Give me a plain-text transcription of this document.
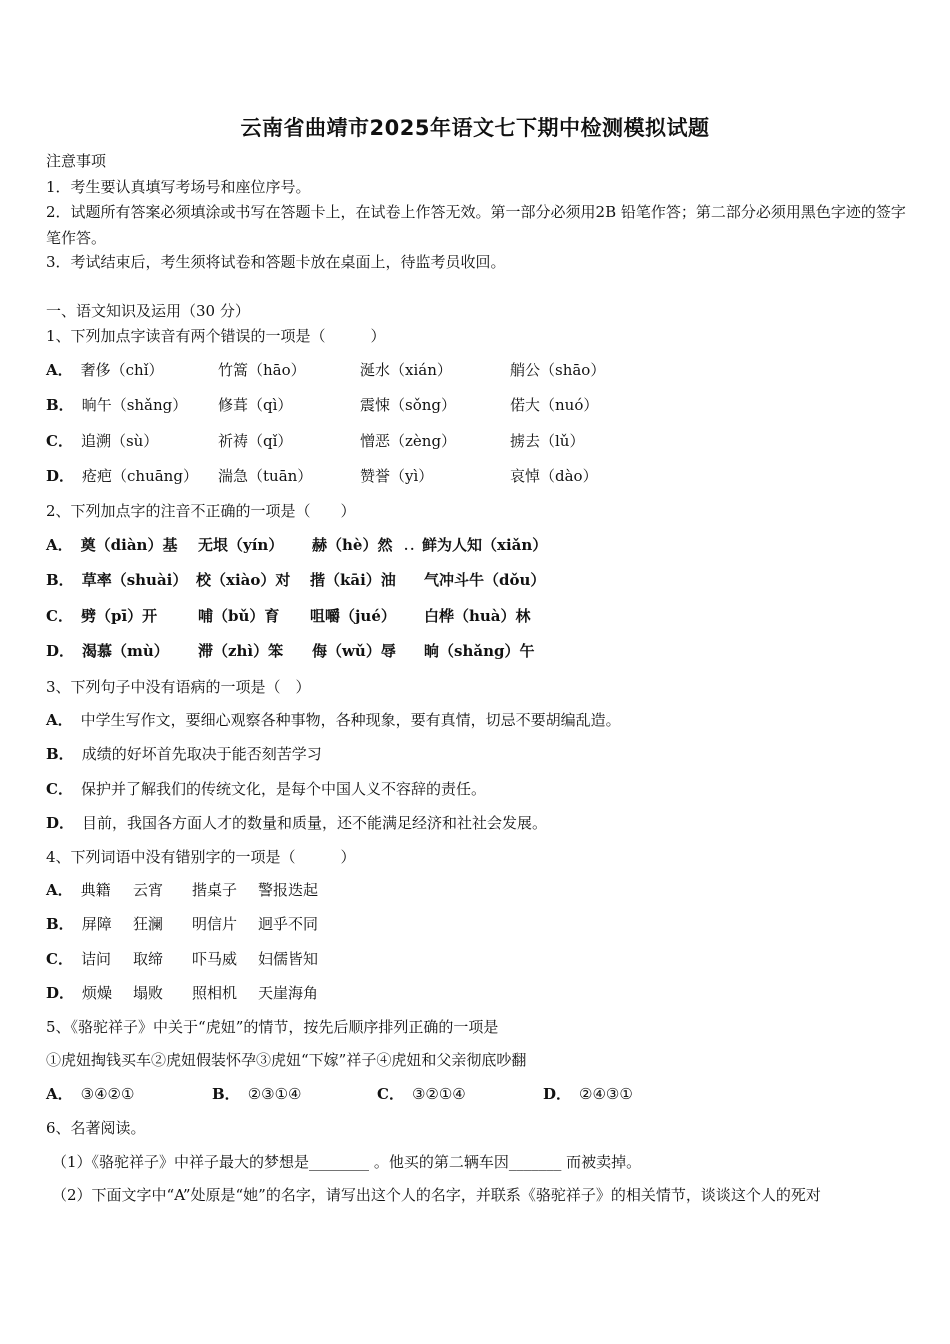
云南省曲靖市2025年语文七下期中检测模拟试题
注意事项
1．考生要认真填写考场号和座位序号。
2．试题所有答案必须填涂或书写在答题卡上，在试卷上作答无效。第一部分必须用2B 铅笔作答；第二部分必须用黑色字迹的签字笔作答。
3．考试结束后，考生须将试卷和答题卡放在桌面上，待监考员收回。
一、语文知识及运用（30 分）
1、下列加点字读音有两个错误的一项是（　　　）
A． 奢侈（chǐ）	竹篙（hāo）	涎水（xián）	艄公（shāo）
B． 晌午（shǎng） 修葺（qì）	震悚（sǒng）	偌大（nuó）
C． 追溯（sù）	祈祷（qǐ）	憎恶（zèng）	掳去（lǔ）
D． 疮疤（chuāng） 湍急（tuān）	赞誉（yì）	哀悼（dào）
2、下列加点字的注音不正确的一项是（　　）
A． 奠（diàn）基 无垠（yín） 赫（hè）然 ·· 鲜为人知（xiǎn）
B． 草率（shuài） 校（xiào）对 揩（kāi）油 气冲斗牛（dǒu）
C． 劈（pī）开	哺（bǔ）育 咀嚼（jué） 白桦（huà）林
D． 渴慕（mù） 滞（zhì）笨 侮（wǔ）辱 晌（shǎng）午
3、下列句子中没有语病的一项是（　）
A． 中学生写作文，要细心观察各种事物，各种现象，要有真情，切忌不要胡编乱造。
B． 成绩的好坏首先取决于能否刻苦学习
C． 保护并了解我们的传统文化，是每个中国人义不容辞的责任。
D． 目前，我国各方面人才的数量和质量，还不能满足经济和社社会发展。
4、下列词语中没有错别字的一项是（　　　）
A． 典籍 云宵 揩桌子 警报迭起
B． 屏障 狂澜 明信片 迥乎不同
C． 诘问 取缔 吓马威 妇儒皆知
D． 烦燥 塌败 照相机 天崖海角
5、《骆驼祥子》中关于“虎妞”的情节，按先后顺序排列正确的一项是
①虎妞掏钱买车②虎妞假装怀孕③虎妞“下嫁”祥子④虎妞和父亲彻底吵翻
A． ③④②①	B． ②③①④	C． ③②①④	D． ②④③①
6、名著阅读。
（1）《骆驼祥子》中祥子最大的梦想是________ 。他买的第二辆车因_______ 而被卖掉。
（2）下面文字中“A”处原是“她”的名字，请写出这个人的名字，并联系《骆驼祥子》的相关情节，谈谈这个人的死对
